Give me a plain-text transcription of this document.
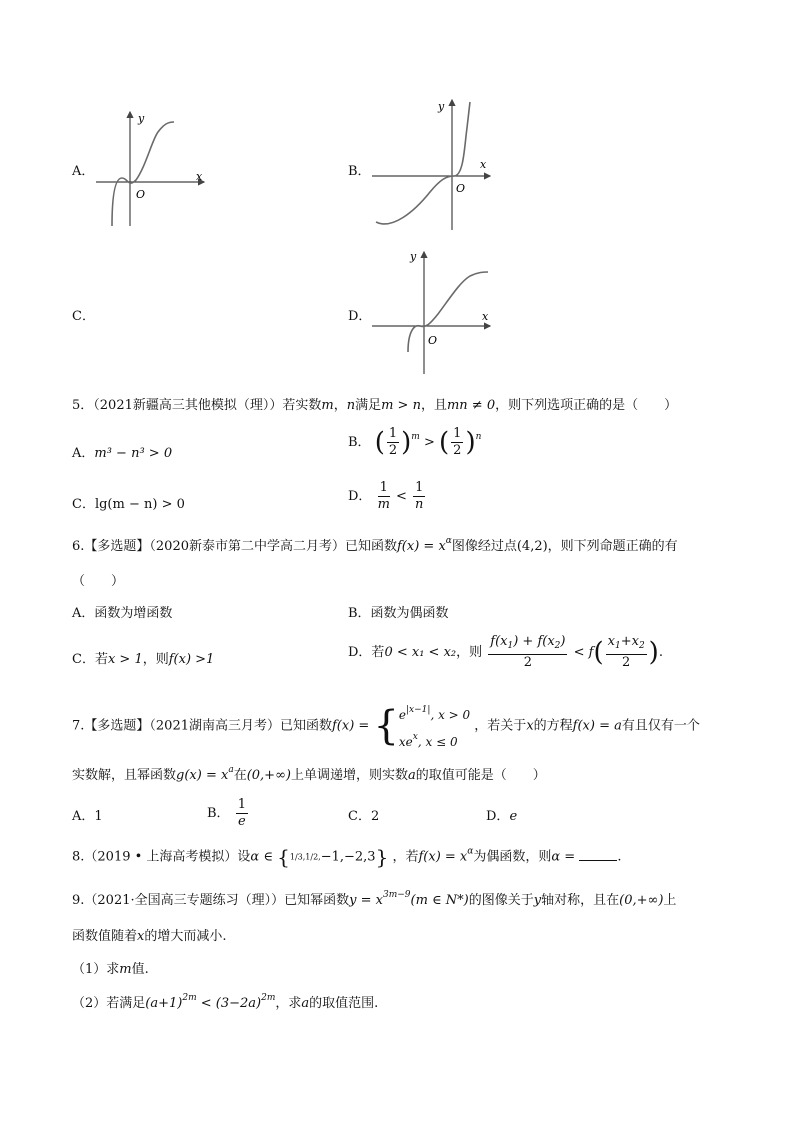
A．	x
y
O
B．	x
y
O
C．	D．	x
y
O
5．（2021新疆高三其他模拟（理））若实数m，n满足m > n，且mn ≠ 0，则下列选项正确的是（　　）
A．m³ − n³ > 0
B． ( $\frac{1}{2} )^m$ > ( $\frac{1}{2} )^n$
C．lg(m − n) > 0
D． $\frac{1}{m} < \frac{1}{n}$
6.【多选题】（2020新泰市第二中学高二月考）已知函数$f(x) = x^\alpha$图像经过点(4,2)，则下列命题正确的有
（　　）
A．函数为增函数	B．函数为偶函数
C．若x > 1，则f(x) >1	D．若0 < x₁ < x₂，则 $\frac{f(x_1) + f(x_2)}{2} < f( \frac{x_1+x_2}{2}$ ).
7.【多选题】（2021湖南高三月考）已知函数f(x) = { $e^{|x-1|}$, x > 0
$xe^x$, x ≤ 0
，若关于x的方程f(x) = a有且仅有一个
实数解，且幂函数$g(x) = x^a$在(0,+∞)上单调递增，则实数a的取值可能是（　　）
A．1	B． $\frac{1}{e}$	C．2	D．e
8.（2019 • 上海高考模拟）设α ∈ {1/3,1/2,−1,−2,3} ，若$f(x) = x^\alpha$为偶函数，则α =	.
9.（2021·全国高三专题练习（理））已知幂函数$y = x^{3m-9}(m$ ∈ N*)的图像关于y轴对称，且在(0,+∞)上
函数值随着x的增大而减小.
（1）求m值.
（2）若满足$(a+1)^{2m} < (3-2a)^{2m}$，求a的取值范围.
